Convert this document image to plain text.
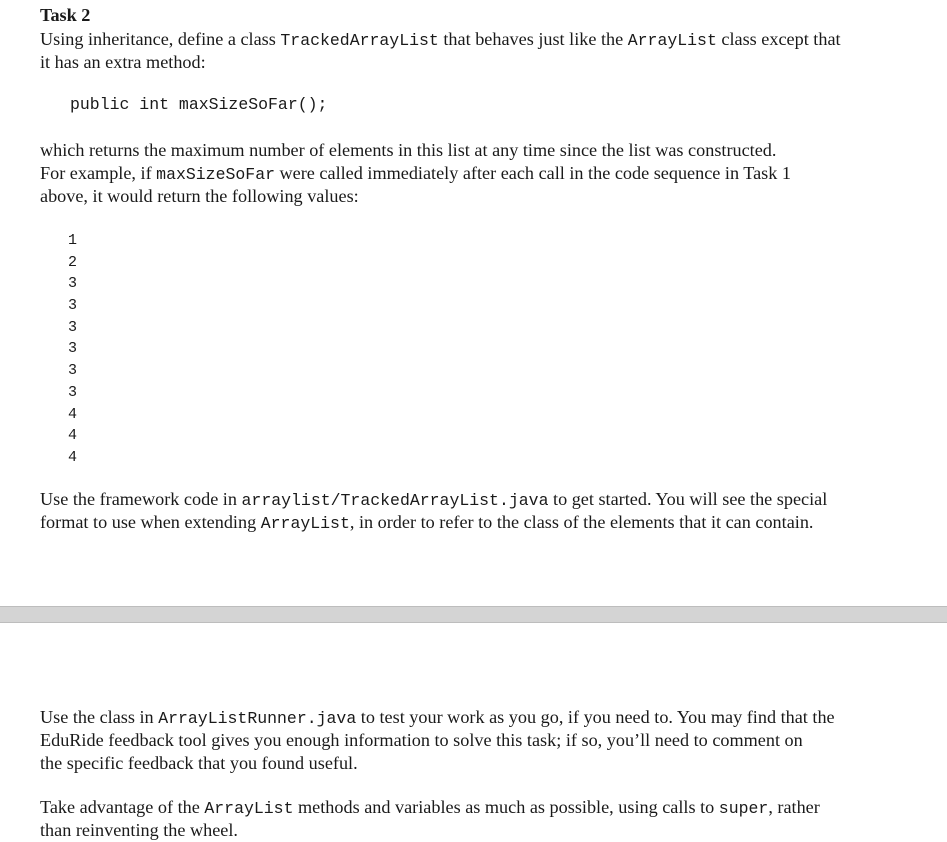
Task 2
Using inheritance, define a class TrackedArrayList that behaves just like the ArrayList class except that
it has an extra method:
public int maxSizeSoFar();
which returns the maximum number of elements in this list at any time since the list was constructed.
For example, if maxSizeSoFar were called immediately after each call in the code sequence in Task 1
above, it would return the following values:
1
2
3
3
3
3
3
3
4
4
4
Use the framework code in arraylist/TrackedArrayList.java to get started. You will see the special
format to use when extending ArrayList, in order to refer to the class of the elements that it can contain.
Use the class in ArrayListRunner.java to test your work as you go, if you need to. You may find that the
EduRide feedback tool gives you enough information to solve this task; if so, you’ll need to comment on
the specific feedback that you found useful.
Take advantage of the ArrayList methods and variables as much as possible, using calls to super, rather
than reinventing the wheel.
